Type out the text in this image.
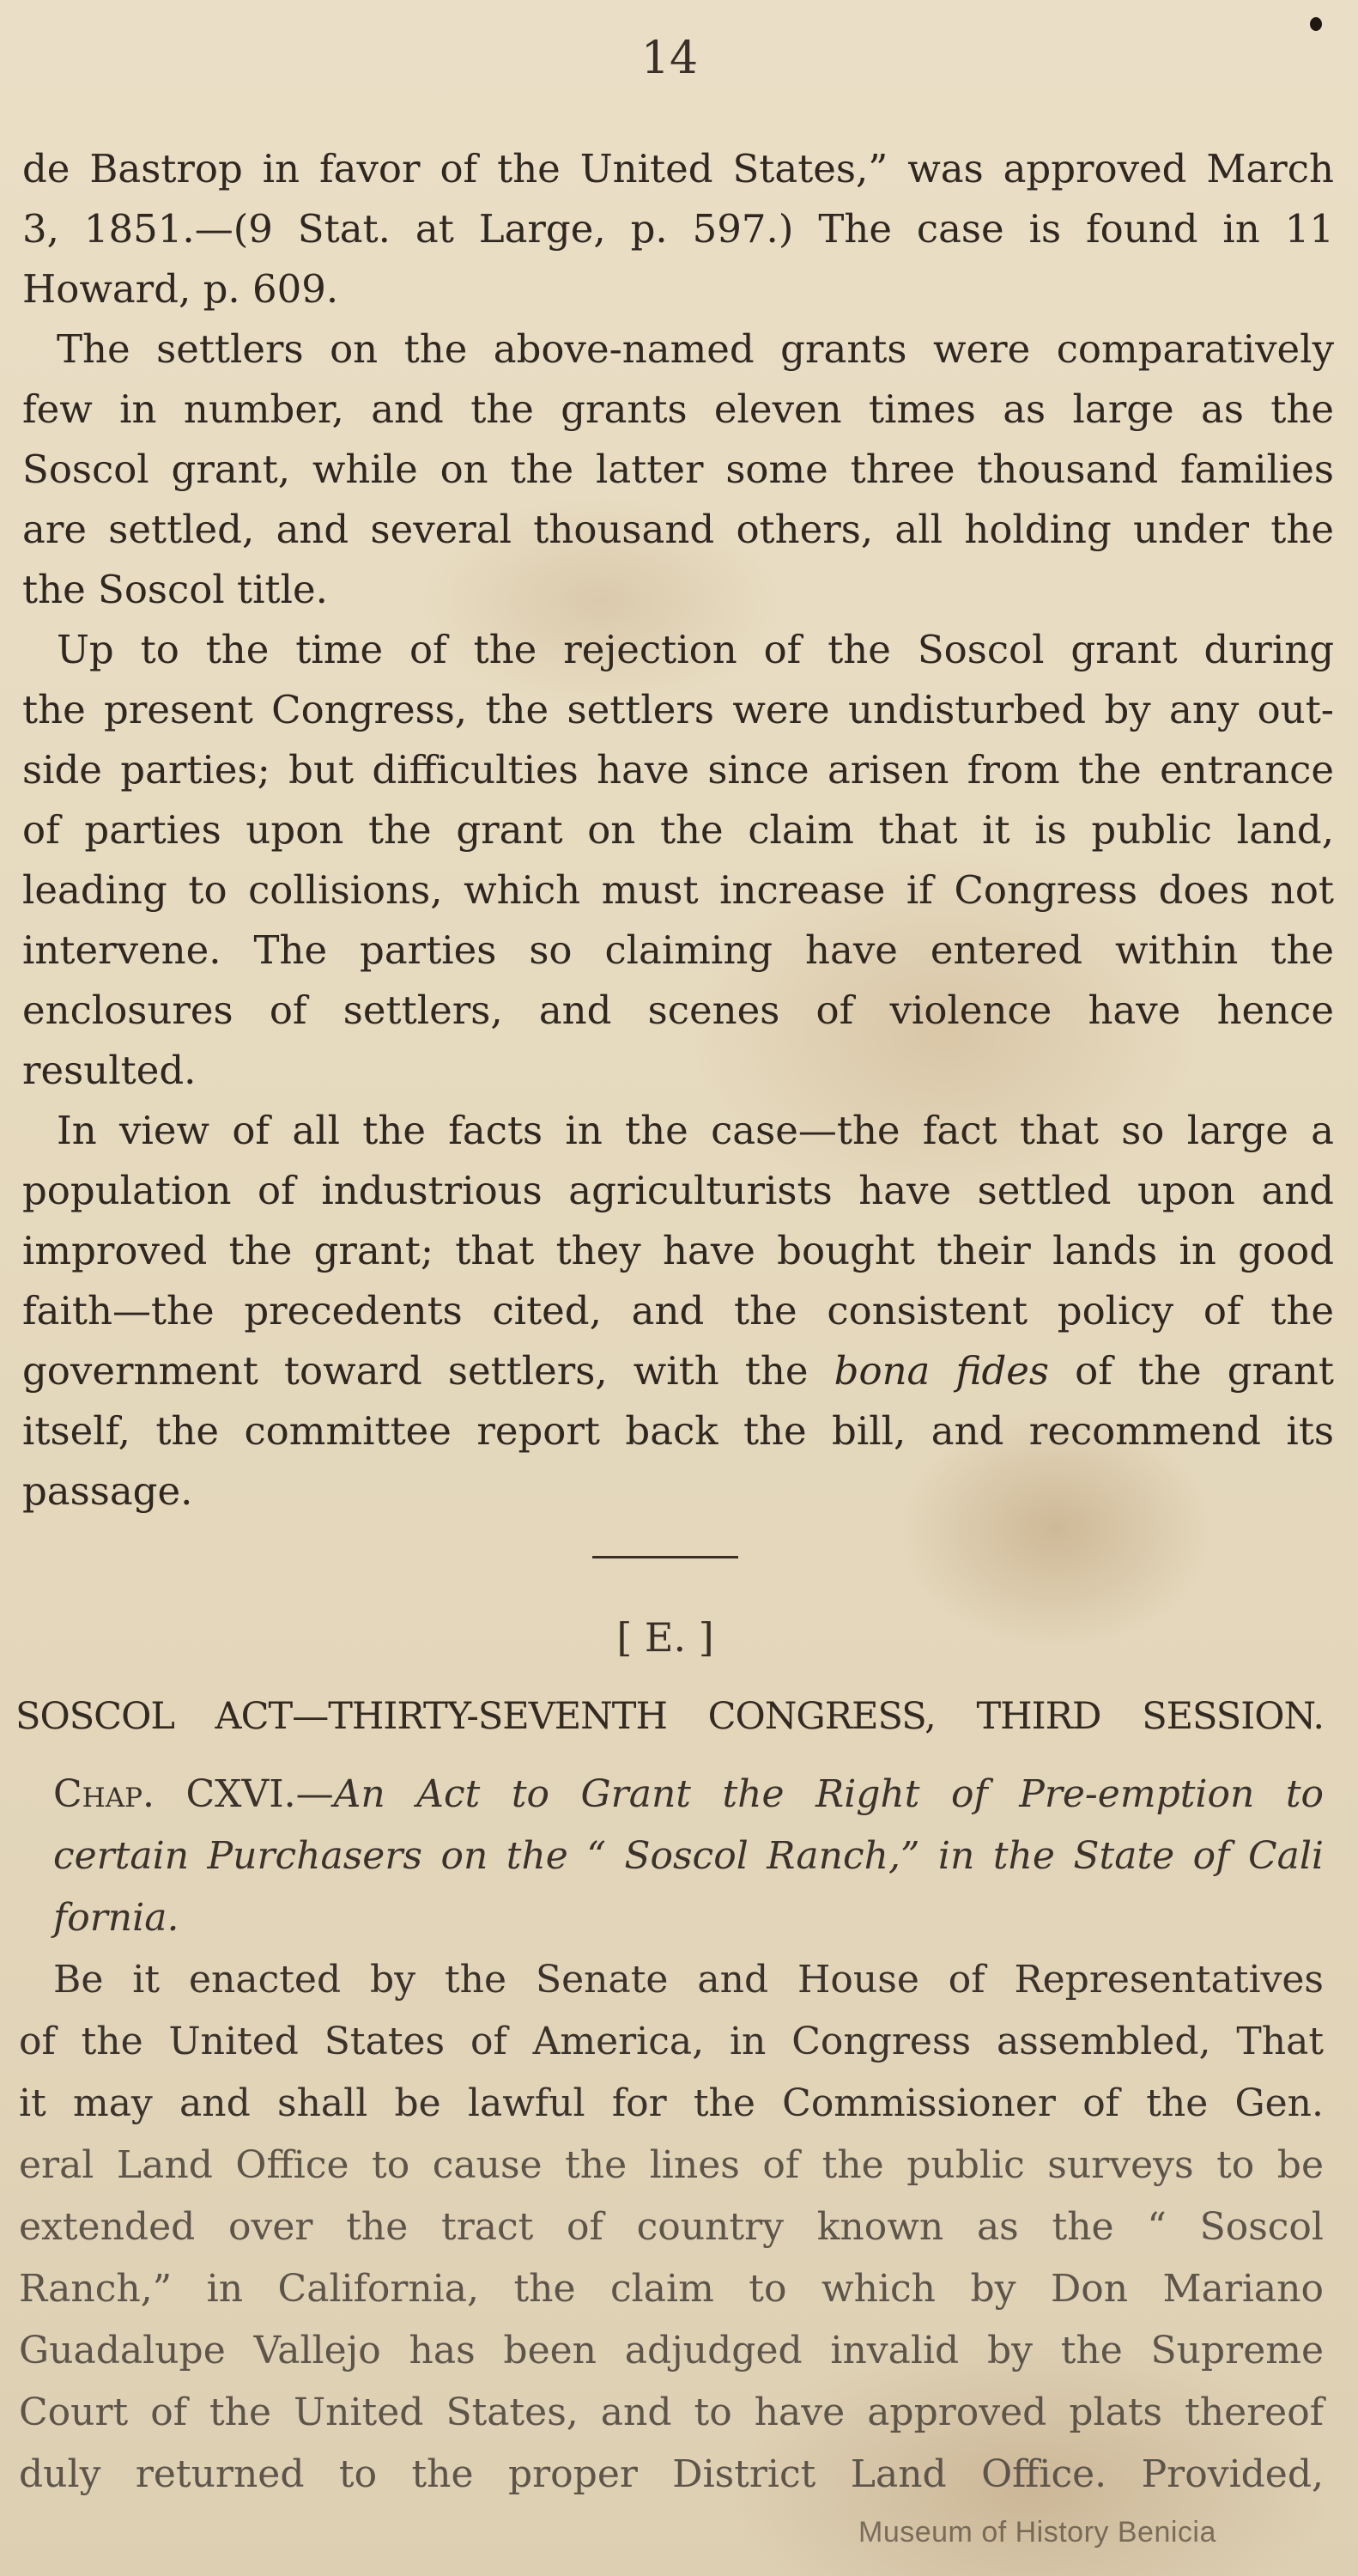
14
de Bastrop in favor of the United States,” was approved March
3, 1851.—(9 Stat. at Large, p. 597.) The case is found in 11
Howard, p. 609.
The settlers on the above-named grants were comparatively
few in number, and the grants eleven times as large as the
Soscol grant, while on the latter some three thousand families
are settled, and several thousand others, all holding under the
the Soscol title.
Up to the time of the rejection of the Soscol grant during
the present Congress, the settlers were undisturbed by any out-
side parties; but difficulties have since arisen from the entrance
of parties upon the grant on the claim that it is public land,
leading to collisions, which must increase if Congress does not
intervene. The parties so claiming have entered within the
enclosures of settlers, and scenes of violence have hence
resulted.
In view of all the facts in the case—the fact that so large a
population of industrious agriculturists have settled upon and
improved the grant; that they have bought their lands in good
faith—the precedents cited, and the consistent policy of the
government toward settlers, with the bona fides of the grant
itself, the committee report back the bill, and recommend its
passage.
[ E. ]
SOSCOL ACT—THIRTY-SEVENTH CONGRESS, THIRD SESSION.
Chap. CXVI.—An Act to Grant the Right of Pre-emption to
certain Purchasers on the “ Soscol Ranch,” in the State of Cali
fornia.
Be it enacted by the Senate and House of Representatives
of the United States of America, in Congress assembled, That
it may and shall be lawful for the Commissioner of the Gen.
eral Land Office to cause the lines of the public surveys to be
extended over the tract of country known as the “ Soscol
Ranch,” in California, the claim to which by Don Mariano
Guadalupe Vallejo has been adjudged invalid by the Supreme
Court of the United States, and to have approved plats thereof
duly returned to the proper District Land Office. Provided,
Museum of History Benicia
